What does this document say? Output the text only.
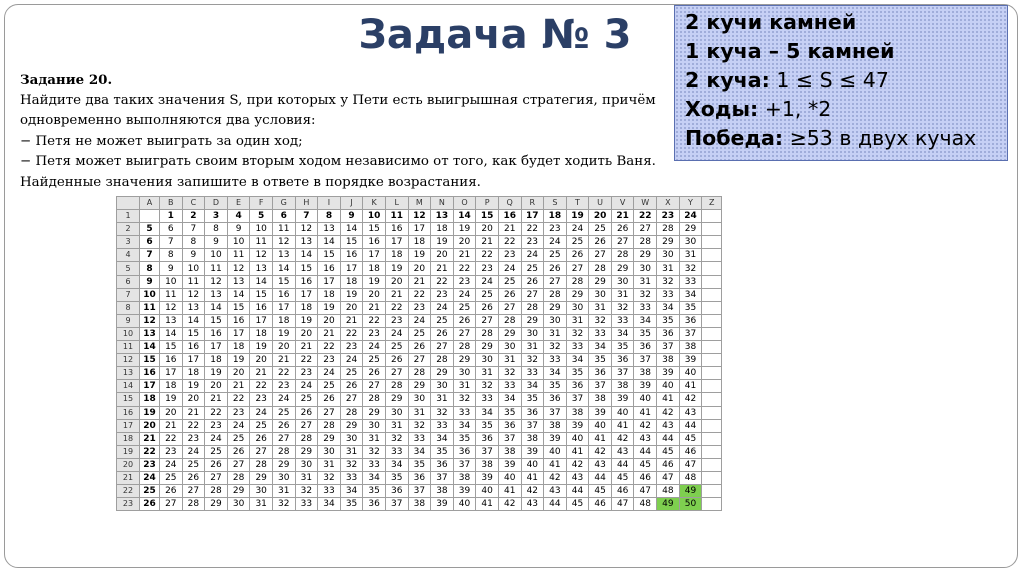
Задача № 3
Задание 20.
Найдите два таких значения S, при которых у Пети есть выигрышная стратегия, причём
одновременно выполняются два условия:
− Петя не может выиграть за один ход;
− Петя может выиграть своим вторым ходом независимо от того, как будет ходить Ваня.
Найденные значения запишите в ответе в порядке возрастания.
2 кучи камней
1 куча – 5 камней
2 куча: 1 ≤ S ≤ 47
Ходы: +1, *2
Победа: ≥53 в двух кучах
	A	B	C	D	E	F	G	H	I	J	K	L	M	N	O	P	Q	R	S	T	U	V	W	X	Y	Z
1		1	2	3	4	5	6	7	8	9	10	11	12	13	14	15	16	17	18	19	20	21	22	23	24	
2	5	6	7	8	9	10	11	12	13	14	15	16	17	18	19	20	21	22	23	24	25	26	27	28	29	
3	6	7	8	9	10	11	12	13	14	15	16	17	18	19	20	21	22	23	24	25	26	27	28	29	30	
4	7	8	9	10	11	12	13	14	15	16	17	18	19	20	21	22	23	24	25	26	27	28	29	30	31	
5	8	9	10	11	12	13	14	15	16	17	18	19	20	21	22	23	24	25	26	27	28	29	30	31	32	
6	9	10	11	12	13	14	15	16	17	18	19	20	21	22	23	24	25	26	27	28	29	30	31	32	33	
7	10	11	12	13	14	15	16	17	18	19	20	21	22	23	24	25	26	27	28	29	30	31	32	33	34	
8	11	12	13	14	15	16	17	18	19	20	21	22	23	24	25	26	27	28	29	30	31	32	33	34	35	
9	12	13	14	15	16	17	18	19	20	21	22	23	24	25	26	27	28	29	30	31	32	33	34	35	36	
10	13	14	15	16	17	18	19	20	21	22	23	24	25	26	27	28	29	30	31	32	33	34	35	36	37	
11	14	15	16	17	18	19	20	21	22	23	24	25	26	27	28	29	30	31	32	33	34	35	36	37	38	
12	15	16	17	18	19	20	21	22	23	24	25	26	27	28	29	30	31	32	33	34	35	36	37	38	39	
13	16	17	18	19	20	21	22	23	24	25	26	27	28	29	30	31	32	33	34	35	36	37	38	39	40	
14	17	18	19	20	21	22	23	24	25	26	27	28	29	30	31	32	33	34	35	36	37	38	39	40	41	
15	18	19	20	21	22	23	24	25	26	27	28	29	30	31	32	33	34	35	36	37	38	39	40	41	42	
16	19	20	21	22	23	24	25	26	27	28	29	30	31	32	33	34	35	36	37	38	39	40	41	42	43	
17	20	21	22	23	24	25	26	27	28	29	30	31	32	33	34	35	36	37	38	39	40	41	42	43	44	
18	21	22	23	24	25	26	27	28	29	30	31	32	33	34	35	36	37	38	39	40	41	42	43	44	45	
19	22	23	24	25	26	27	28	29	30	31	32	33	34	35	36	37	38	39	40	41	42	43	44	45	46	
20	23	24	25	26	27	28	29	30	31	32	33	34	35	36	37	38	39	40	41	42	43	44	45	46	47	
21	24	25	26	27	28	29	30	31	32	33	34	35	36	37	38	39	40	41	42	43	44	45	46	47	48	
22	25	26	27	28	29	30	31	32	33	34	35	36	37	38	39	40	41	42	43	44	45	46	47	48	49	
23	26	27	28	29	30	31	32	33	34	35	36	37	38	39	40	41	42	43	44	45	46	47	48	49	50	
